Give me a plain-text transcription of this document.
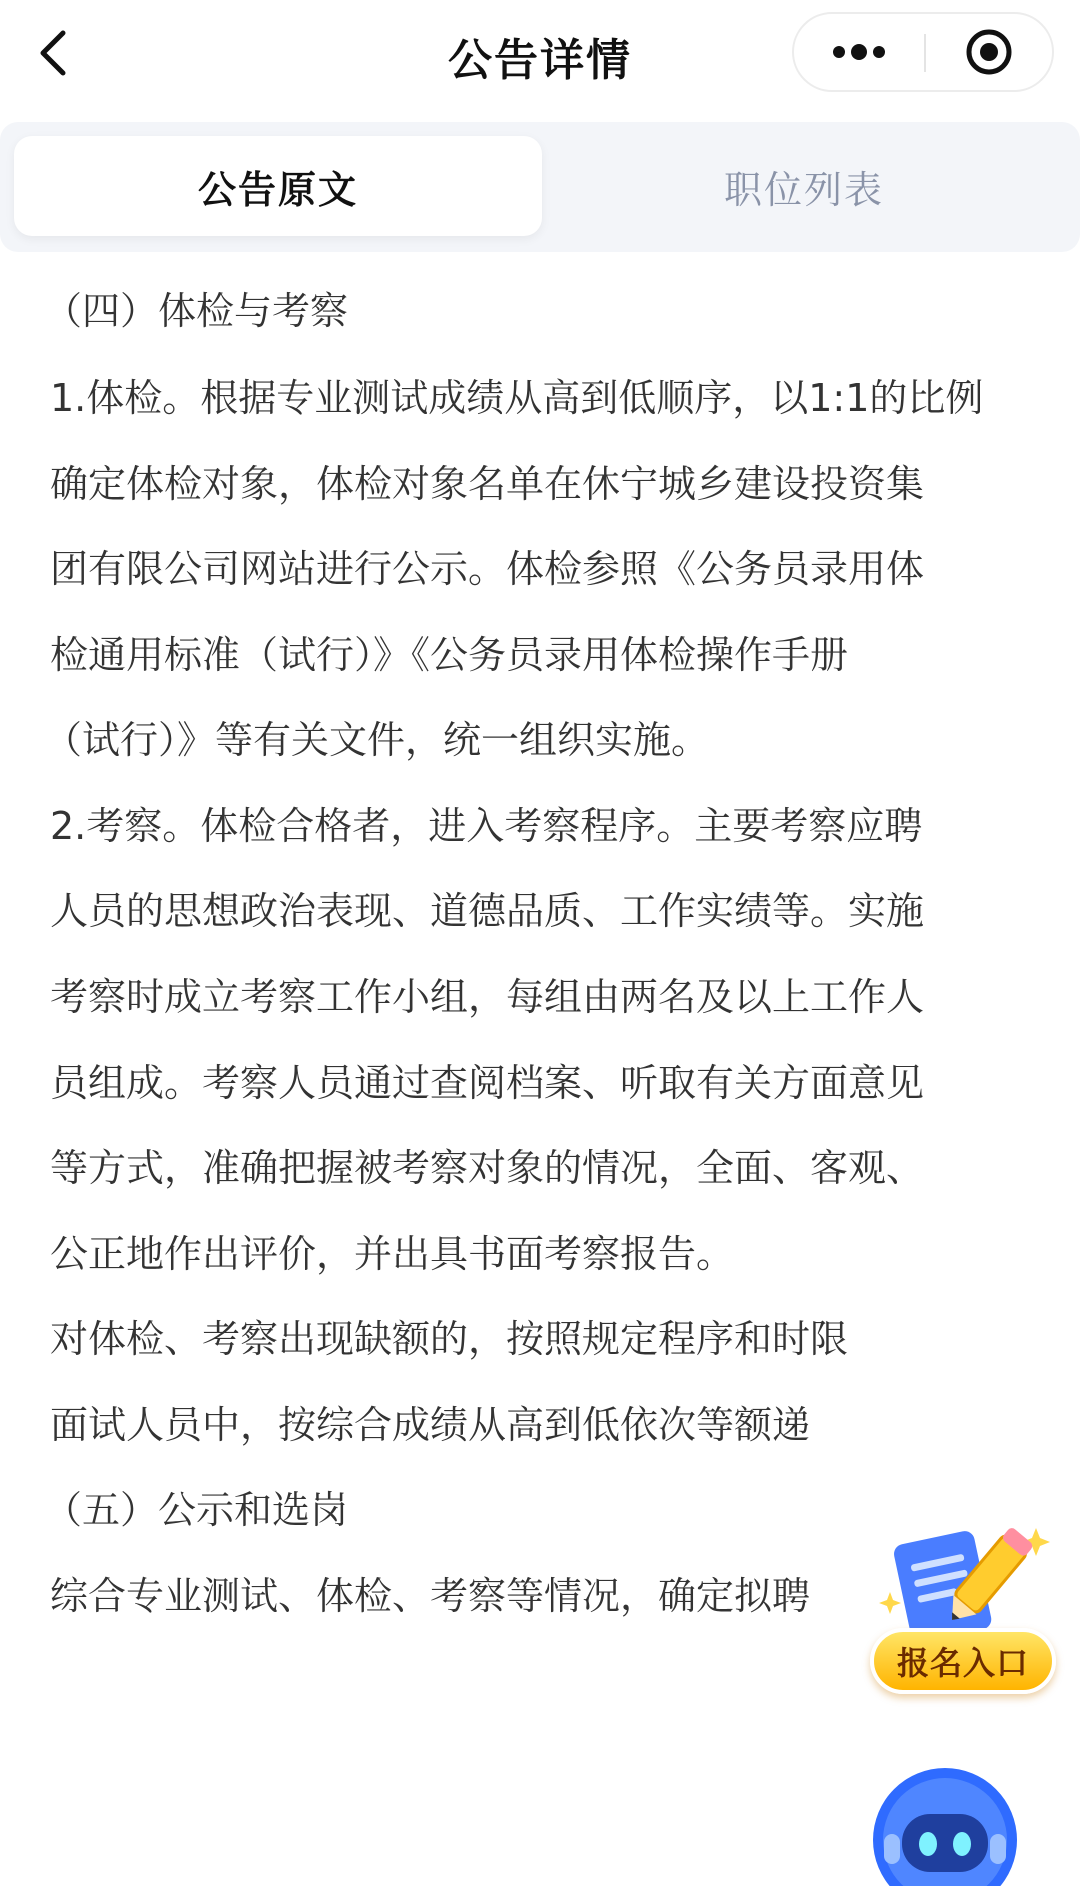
公告详情
公告原文	职位列表
（四）体检与考察
1.体检。根据专业测试成绩从高到低顺序，以1:1的比例
确定体检对象，体检对象名单在休宁城乡建设投资集
团有限公司网站进行公示。体检参照《公务员录用体
检通用标准（试行）》《公务员录用体检操作手册
（试行）》等有关文件，统一组织实施。
2.考察。体检合格者，进入考察程序。主要考察应聘
人员的思想政治表现、道德品质、工作实绩等。实施
考察时成立考察工作小组，每组由两名及以上工作人
员组成。考察人员通过查阅档案、听取有关方面意见
等方式，准确把握被考察对象的情况，全面、客观、
公正地作出评价，并出具书面考察报告。
对体检、考察出现缺额的，按照规定程序和时限
面试人员中，按综合成绩从高到低依次等额递
（五）公示和选岗
综合专业测试、体检、考察等情况，确定拟聘
报名入口
